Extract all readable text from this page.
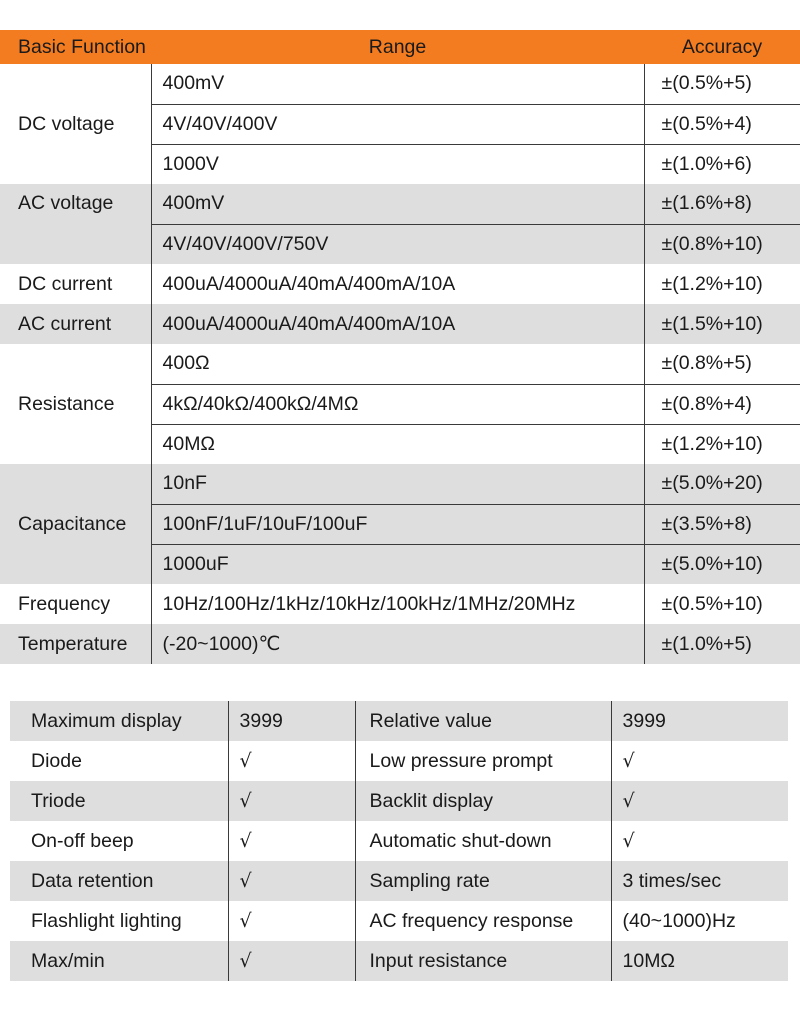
Basic Function	Range	Accuracy
DC voltage	400mV	±(0.5%+5)
	4V/40V/400V	±(0.5%+4)
	1000V	±(1.0%+6)
AC voltage	400mV	±(1.6%+8)
	4V/40V/400V/750V	±(0.8%+10)
DC current	400uA/4000uA/40mA/400mA/10A	±(1.2%+10)
AC current	400uA/4000uA/40mA/400mA/10A	±(1.5%+10)
Resistance	400Ω	±(0.8%+5)
	4kΩ/40kΩ/400kΩ/4MΩ	±(0.8%+4)
	40MΩ	±(1.2%+10)
Capacitance	10nF	±(5.0%+20)
	100nF/1uF/10uF/100uF	±(3.5%+8)
	1000uF	±(5.0%+10)
Frequency	10Hz/100Hz/1kHz/10kHz/100kHz/1MHz/20MHz	±(0.5%+10)
Temperature	(-20~1000)℃	±(1.0%+5)
Maximum display	3999	Relative value	3999
Diode	√	Low pressure prompt	√
Triode	√	Backlit display	√
On-off beep	√	Automatic shut-down	√
Data retention	√	Sampling rate	3 times/sec
Flashlight lighting	√	AC frequency response	(40~1000)Hz
Max/min	√	Input resistance	10MΩ
